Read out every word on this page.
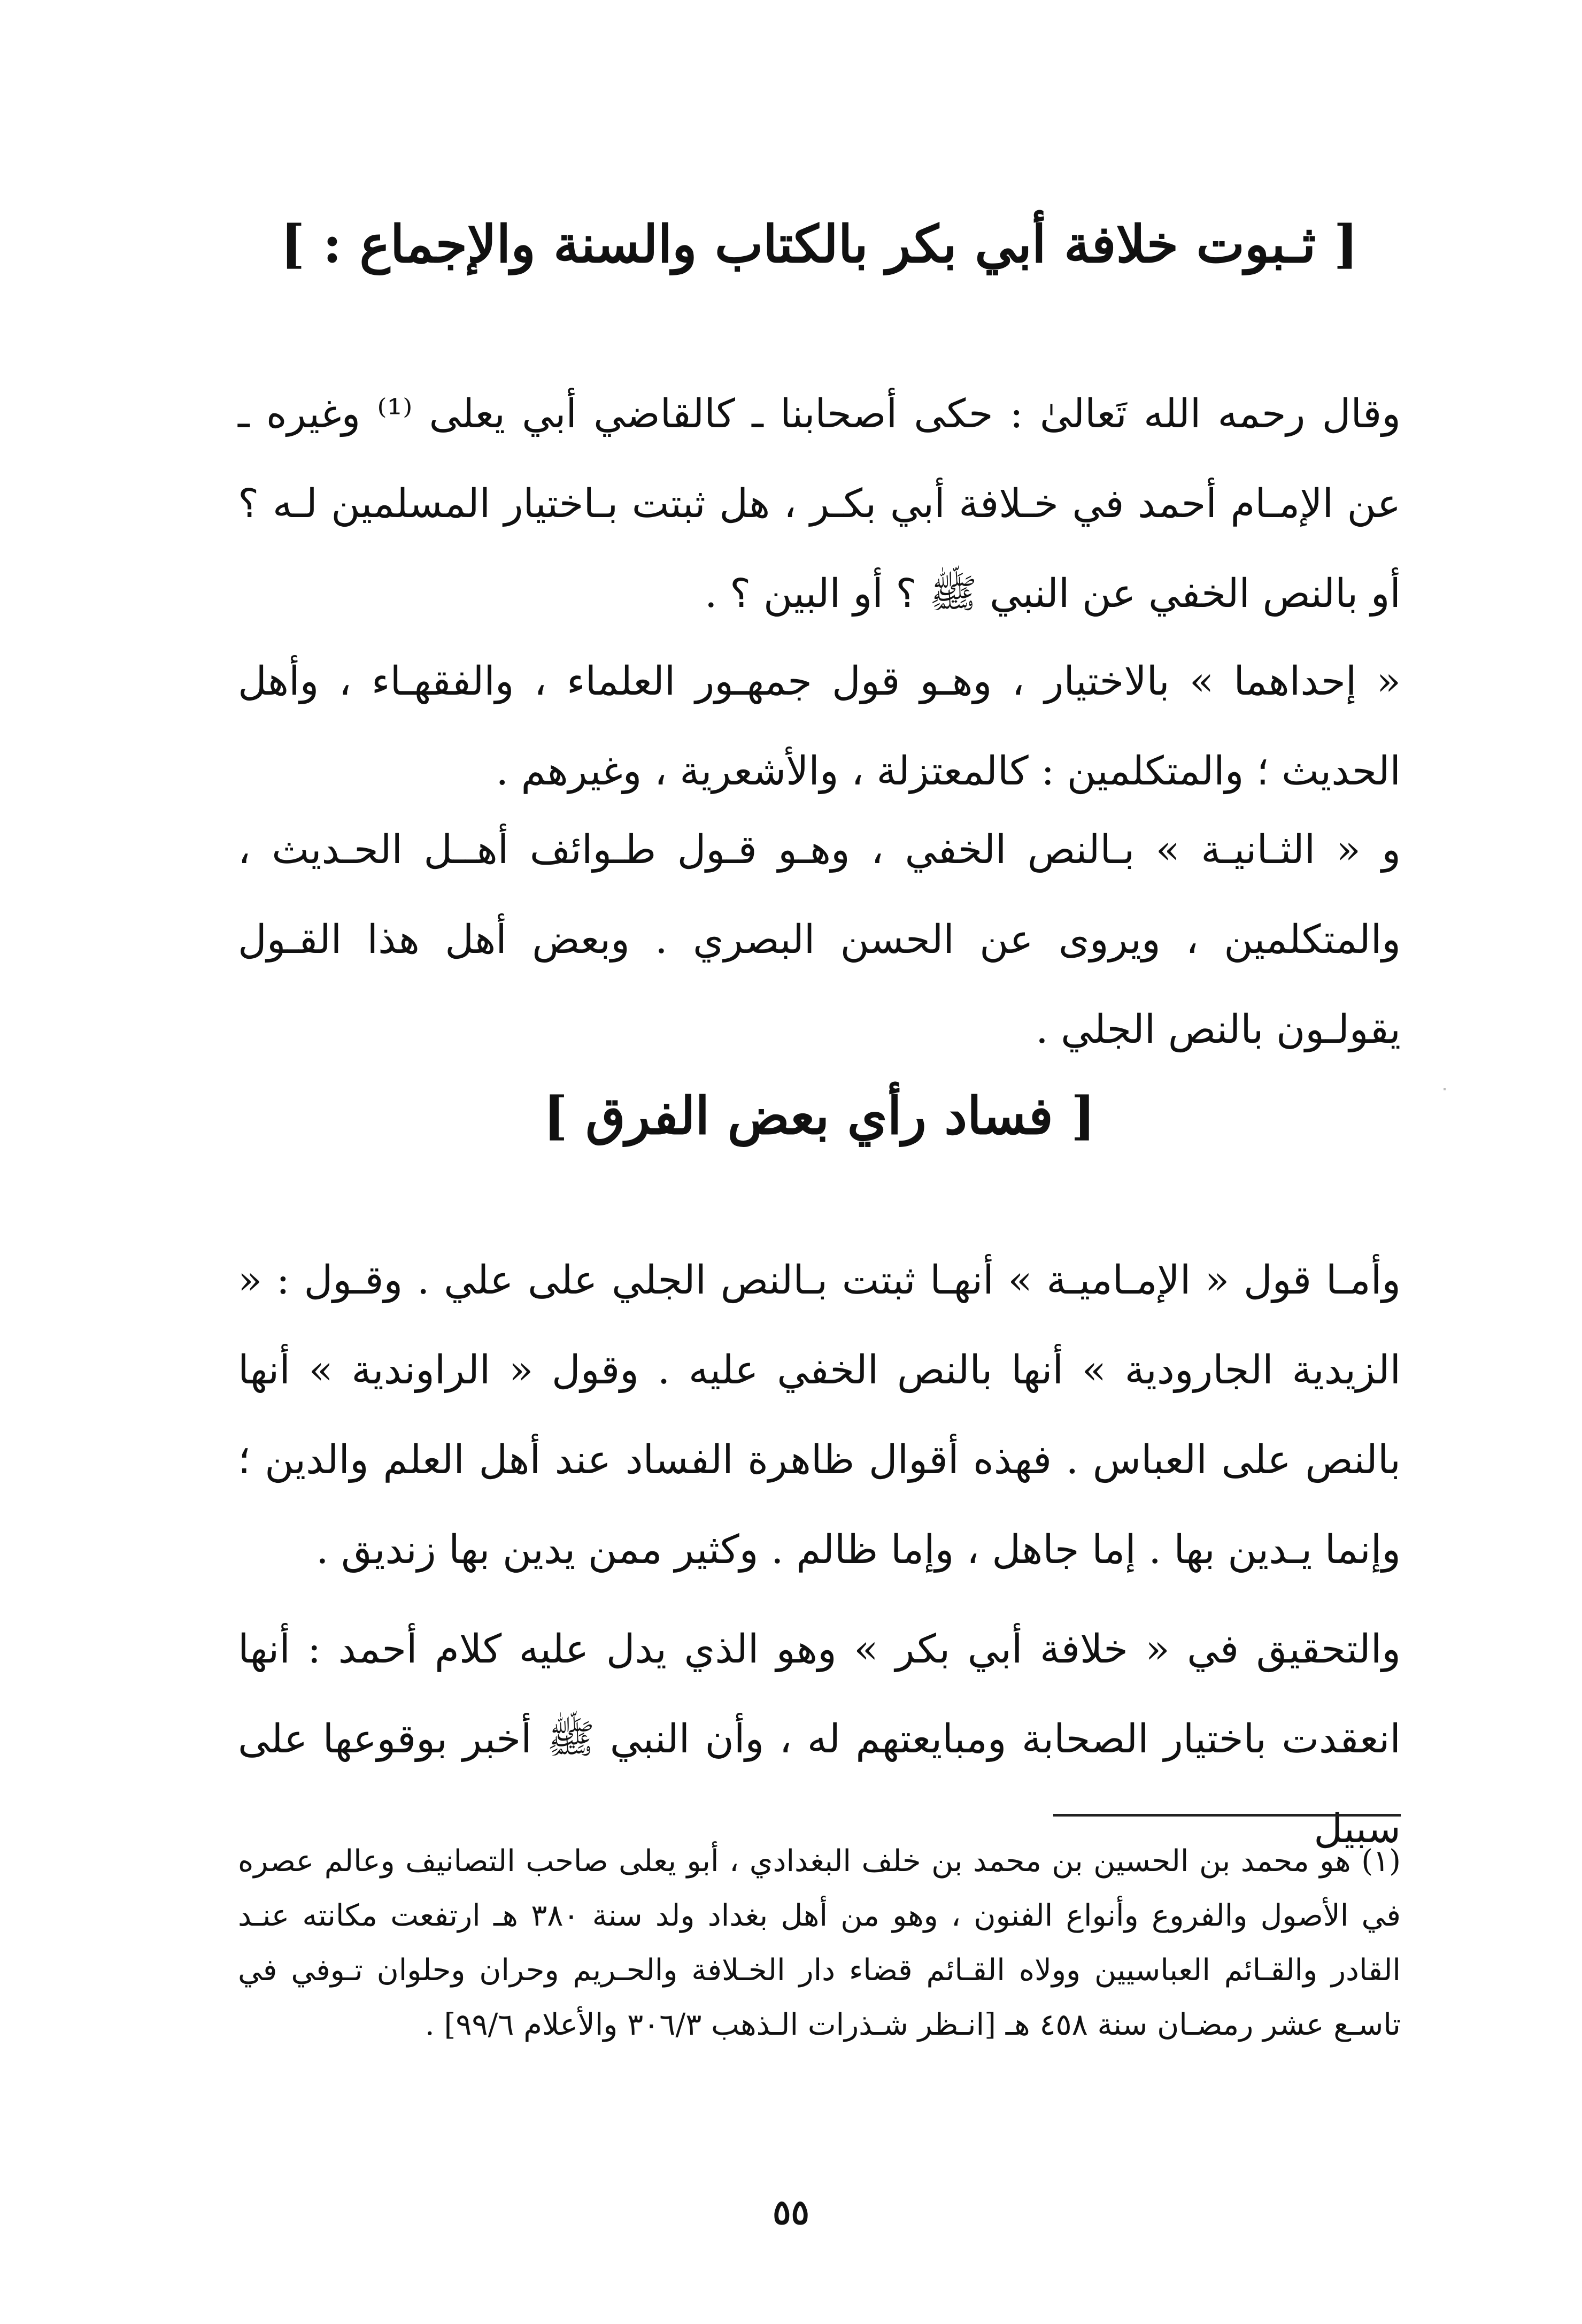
[ ثـبوت خلافة أبي بكر بالكتاب والسنة والإجماع : ]

وقال رحمه الله تَعالىٰ : حكى أصحابنا ـ كالقاضي أبي يعلى ⁽¹⁾ وغيره ـ عن الإمـام أحمد في خـلافة أبي بكـر ، هل ثبتت بـاختيار المسلمين لـه ؟ أو بالنص الخفي عن النبي ﷺ ؟ أو البين ؟ .

« إحداهما » بالاختيار ، وهـو قول جمهـور العلماء ، والفقهـاء ، وأهل الحديث ؛ والمتكلمين : كالمعتزلة ، والأشعرية ، وغيرهم .

و « الثـانيـة » بـالنص الخفي ، وهـو قـول طـوائف أهــل الحـديث ، والمتكلمين ، ويروى عن الحسن البصري . وبعض أهل هذا القـول يقولـون بالنص الجلي .

[ فساد رأي بعض الفرق ]

وأمـا قول « الإمـاميـة » أنهـا ثبتت بـالنص الجلي على علي . وقـول : « الزيدية الجارودية » أنها بالنص الخفي عليه . وقول « الراوندية » أنها بالنص على العباس . فهذه أقوال ظاهرة الفساد عند أهل العلم والدين ؛ وإنما يـدين بها . إما جاهل ، وإما ظالم . وكثير ممن يدين بها زنديق .

والتحقيق في « خلافة أبي بكر » وهو الذي يدل عليه كلام أحمد : أنها انعقدت باختيار الصحابة ومبايعتهم له ، وأن النبي ﷺ أخبر بوقوعها على سبيل

(١) هو محمد بن الحسين بن محمد بن خلف البغدادي ، أبو يعلى صاحب التصانيف وعالم عصره في الأصول والفروع وأنواع الفنون ، وهو من أهل بغداد ولد سنة ٣٨٠ هـ ارتفعت مكانته عنـد القادر والقـائم العباسيين وولاه القـائم قضاء دار الخـلافة والحـريم وحران وحلوان تـوفي في تاسـع عشر رمضـان سنة ٤٥٨ هـ [انـظر شـذرات الـذهب ٣٠٦/٣ والأعلام ٩٩/٦] .

٥٥
